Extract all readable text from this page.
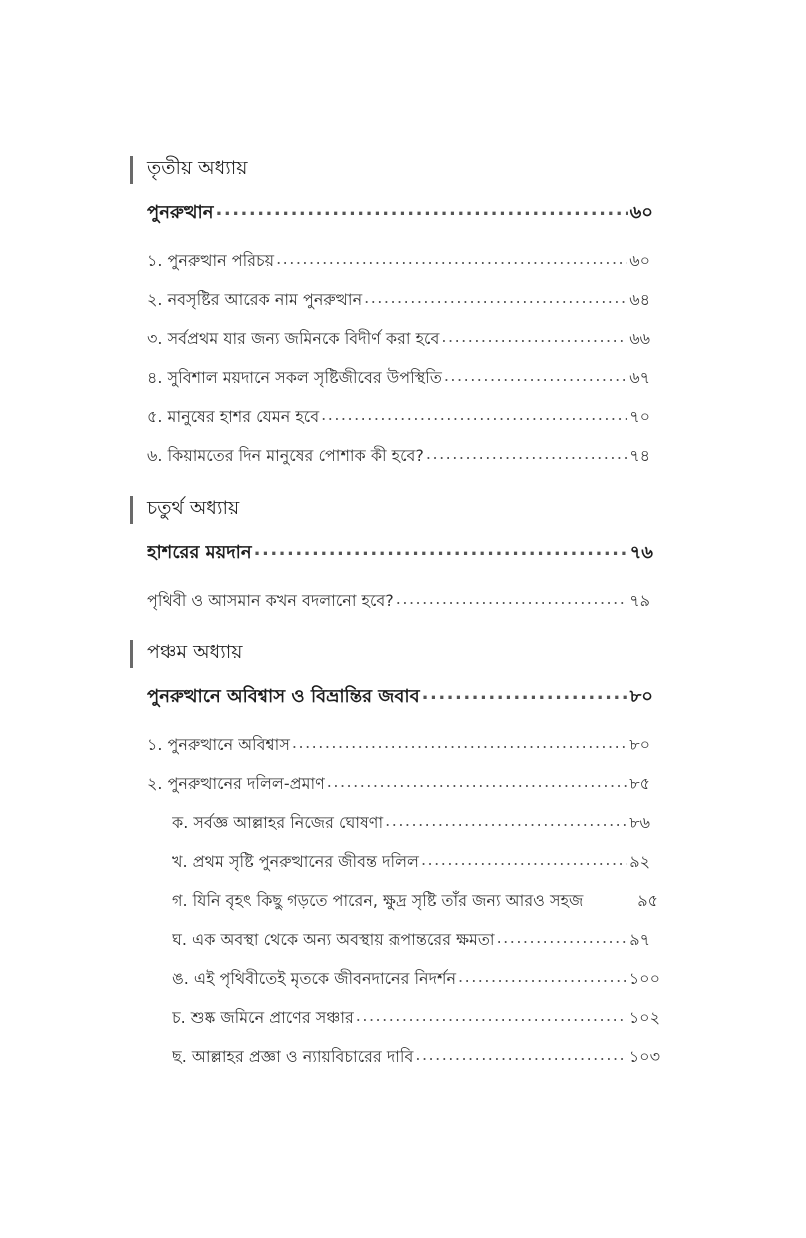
তৃতীয় অধ্যায়
পুনরুত্থান .....	৬০
১. পুনরুত্থান পরিচয় .....	৬০
২. নবসৃষ্টির আরেক নাম পুনরুত্থান .....	৬৪
৩. সর্বপ্রথম যার জন্য জমিনকে বিদীর্ণ করা হবে .....	৬৬
৪. সুবিশাল ময়দানে সকল সৃষ্টিজীবের উপস্থিতি .....	৬৭
৫. মানুষের হাশর যেমন হবে .....	৭০
৬. কিয়ামতের দিন মানুষের পোশাক কী হবে? .....	৭৪
চতুর্থ অধ্যায়
হাশরের ময়দান .....	৭৬
পৃথিবী ও আসমান কখন বদলানো হবে? .....	৭৯
পঞ্চম অধ্যায়
পুনরুত্থানে অবিশ্বাস ও বিভ্রান্তির জবাব .....	৮০
১. পুনরুত্থানে অবিশ্বাস .....	৮০
২. পুনরুত্থানের দলিল-প্রমাণ .....	৮৫
ক. সর্বজ্ঞ আল্লাহর নিজের ঘোষণা .....	৮৬
খ. প্রথম সৃষ্টি পুনরুত্থানের জীবন্ত দলিল .....	৯২
গ. যিনি বৃহৎ কিছু গড়তে পারেন, ক্ষুদ্র সৃষ্টি তাঁর জন্য আরও সহজ	৯৫
ঘ. এক অবস্থা থেকে অন্য অবস্থায় রূপান্তরের ক্ষমতা .....	৯৭
ঙ. এই পৃথিবীতেই মৃতকে জীবনদানের নিদর্শন .....	১০০
চ. শুষ্ক জমিনে প্রাণের সঞ্চার .....	১০২
ছ. আল্লাহর প্রজ্ঞা ও ন্যায়বিচারের দাবি .....	১০৩
